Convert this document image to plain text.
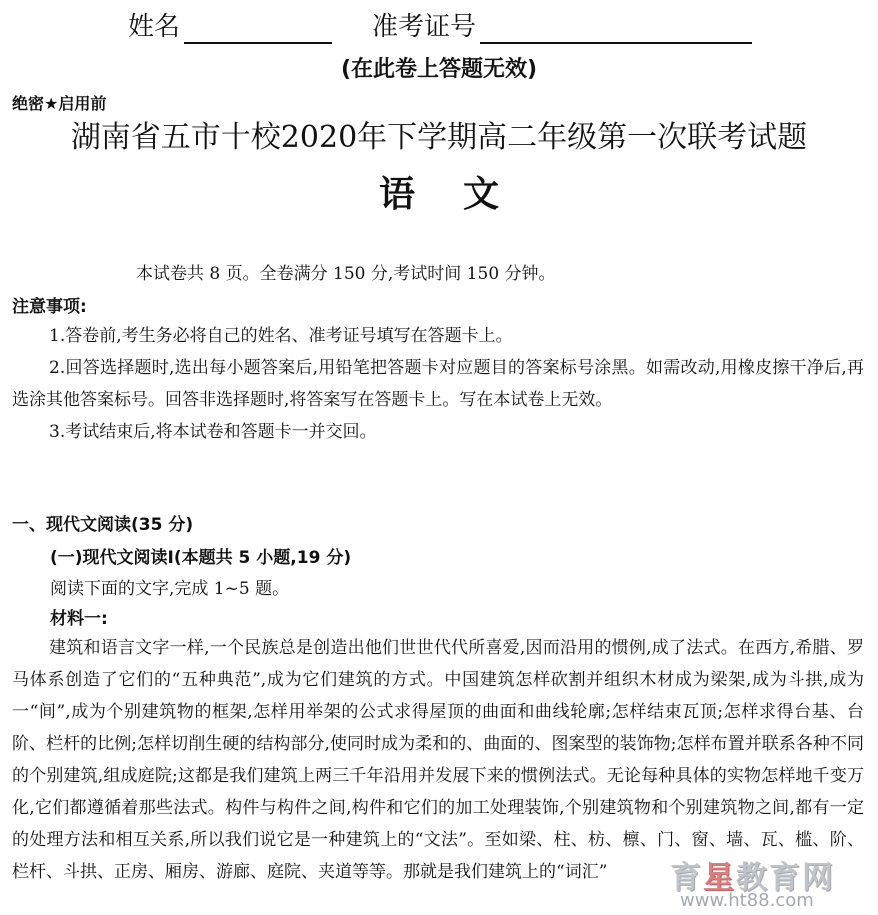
姓名	准考证号
(在此卷上答题无效)
绝密★启用前
湖南省五市十校2020年下学期高二年级第一次联考试题
语文
本试卷共 8 页。全卷满分 150 分,考试时间 150 分钟。
注意事项:

1.答卷前,考生务必将自己的姓名、准考证号填写在答题卡上。

2.回答选择题时,选出每小题答案后,用铅笔把答题卡对应题目的答案标号涂黑。如需改动,用橡皮擦干净后,再选涂其他答案标号。回答非选择题时,将答案写在答题卡上。写在本试卷上无效。

3.考试结束后,将本试卷和答题卡一并交回。

一、现代文阅读(35 分)
(一)现代文阅读Ⅰ(本题共 5 小题,19 分)
阅读下面的文字,完成 1~5 题。
材料一:

建筑和语言文字一样,一个民族总是创造出他们世世代代所喜爱,因而沿用的惯例,成了法式。在西方,希腊、罗马体系创造了它们的“五种典范”,成为它们建筑的方式。中国建筑怎样砍割并组织木材成为梁架,成为斗拱,成为一“间”,成为个别建筑物的框架,怎样用举架的公式求得屋顶的曲面和曲线轮廓;怎样结束瓦顶;怎样求得台基、台阶、栏杆的比例;怎样切削生硬的结构部分,使同时成为柔和的、曲面的、图案型的装饰物;怎样布置并联系各种不同的个别建筑,组成庭院;这都是我们建筑上两三千年沿用并发展下来的惯例法式。无论每种具体的实物怎样地千变万化,它们都遵循着那些法式。构件与构件之间,构件和它们的加工处理装饰,个别建筑物和个别建筑物之间,都有一定的处理方法和相互关系,所以我们说它是一种建筑上的“文法”。至如梁、柱、枋、檩、门、窗、墙、瓦、槛、阶、栏杆、斗拱、正房、厢房、游廊、庭院、夹道等等。那就是我们建筑上的“词汇”	育星教育网
www.ht88.com
